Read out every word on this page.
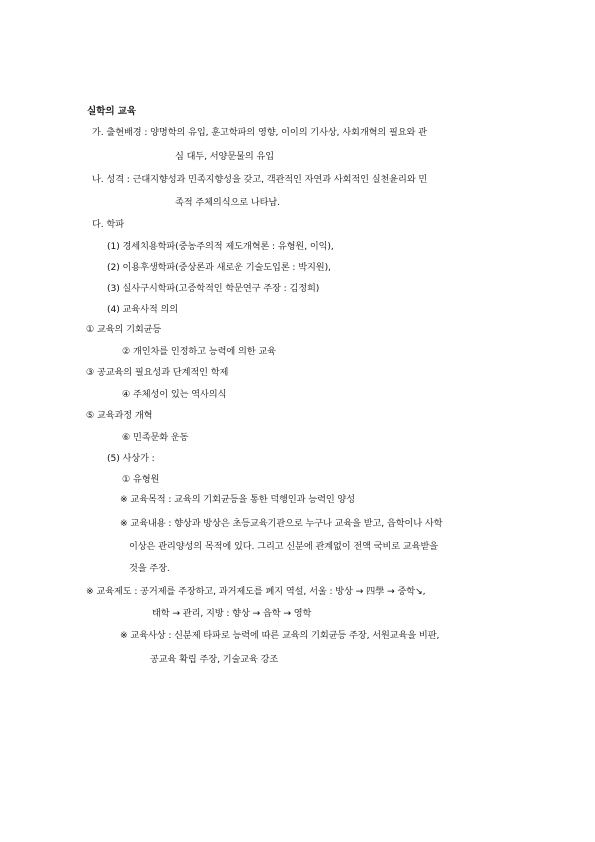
실학의 교육
가. 출현배경 : 양명학의 유입, 훈고학파의 영향, 이이의 기사상, 사회개혁의 필요와 관
심 대두, 서양문물의 유입
나. 성격 : 근대지향성과 민족지향성을 갖고, 객관적인 자연과 사회적인 실천윤리와 민
족적 주체의식으로 나타남.
다. 학파
(1) 경세치용학파(중농주의적 제도개혁론 : 유형원, 이익),
(2) 이용후생학파(중상론과 새로운 기술도입론 : 박지원),
(3) 실사구시학파(고증학적인 학문연구 주장 : 김정희)
(4) 교육사적 의의
① 교육의 기회균등
② 개인차를 인정하고 능력에 의한 교육
③ 공교육의 필요성과 단계적인 학제
④ 주체성이 있는 역사의식
⑤ 교육과정 개혁
⑥ 민족문화 운동
(5) 사상가 :
① 유형원
※ 교육목적 : 교육의 기회균등을 통한 덕행인과 능력인 양성
※ 교육내용 : 향상과 방상은 초등교육기관으로 누구나 교육을 받고, 읍학이나 사학
이상은 관리양성의 목적에 있다. 그리고 신분에 관계없이 전액 국비로 교육받을
것을 주장.
※ 교육제도 : 공거제를 주장하고, 과거제도를 폐지 역설, 서울 : 방상 → 四學 → 중학↘,
태학 → 관리, 지방 : 향상 → 읍학 → 영학
※ 교육사상 : 신분제 타파로 능력에 따른 교육의 기회균등 주장, 서원교육을 비판,
공교육 확립 주장, 기술교육 강조
